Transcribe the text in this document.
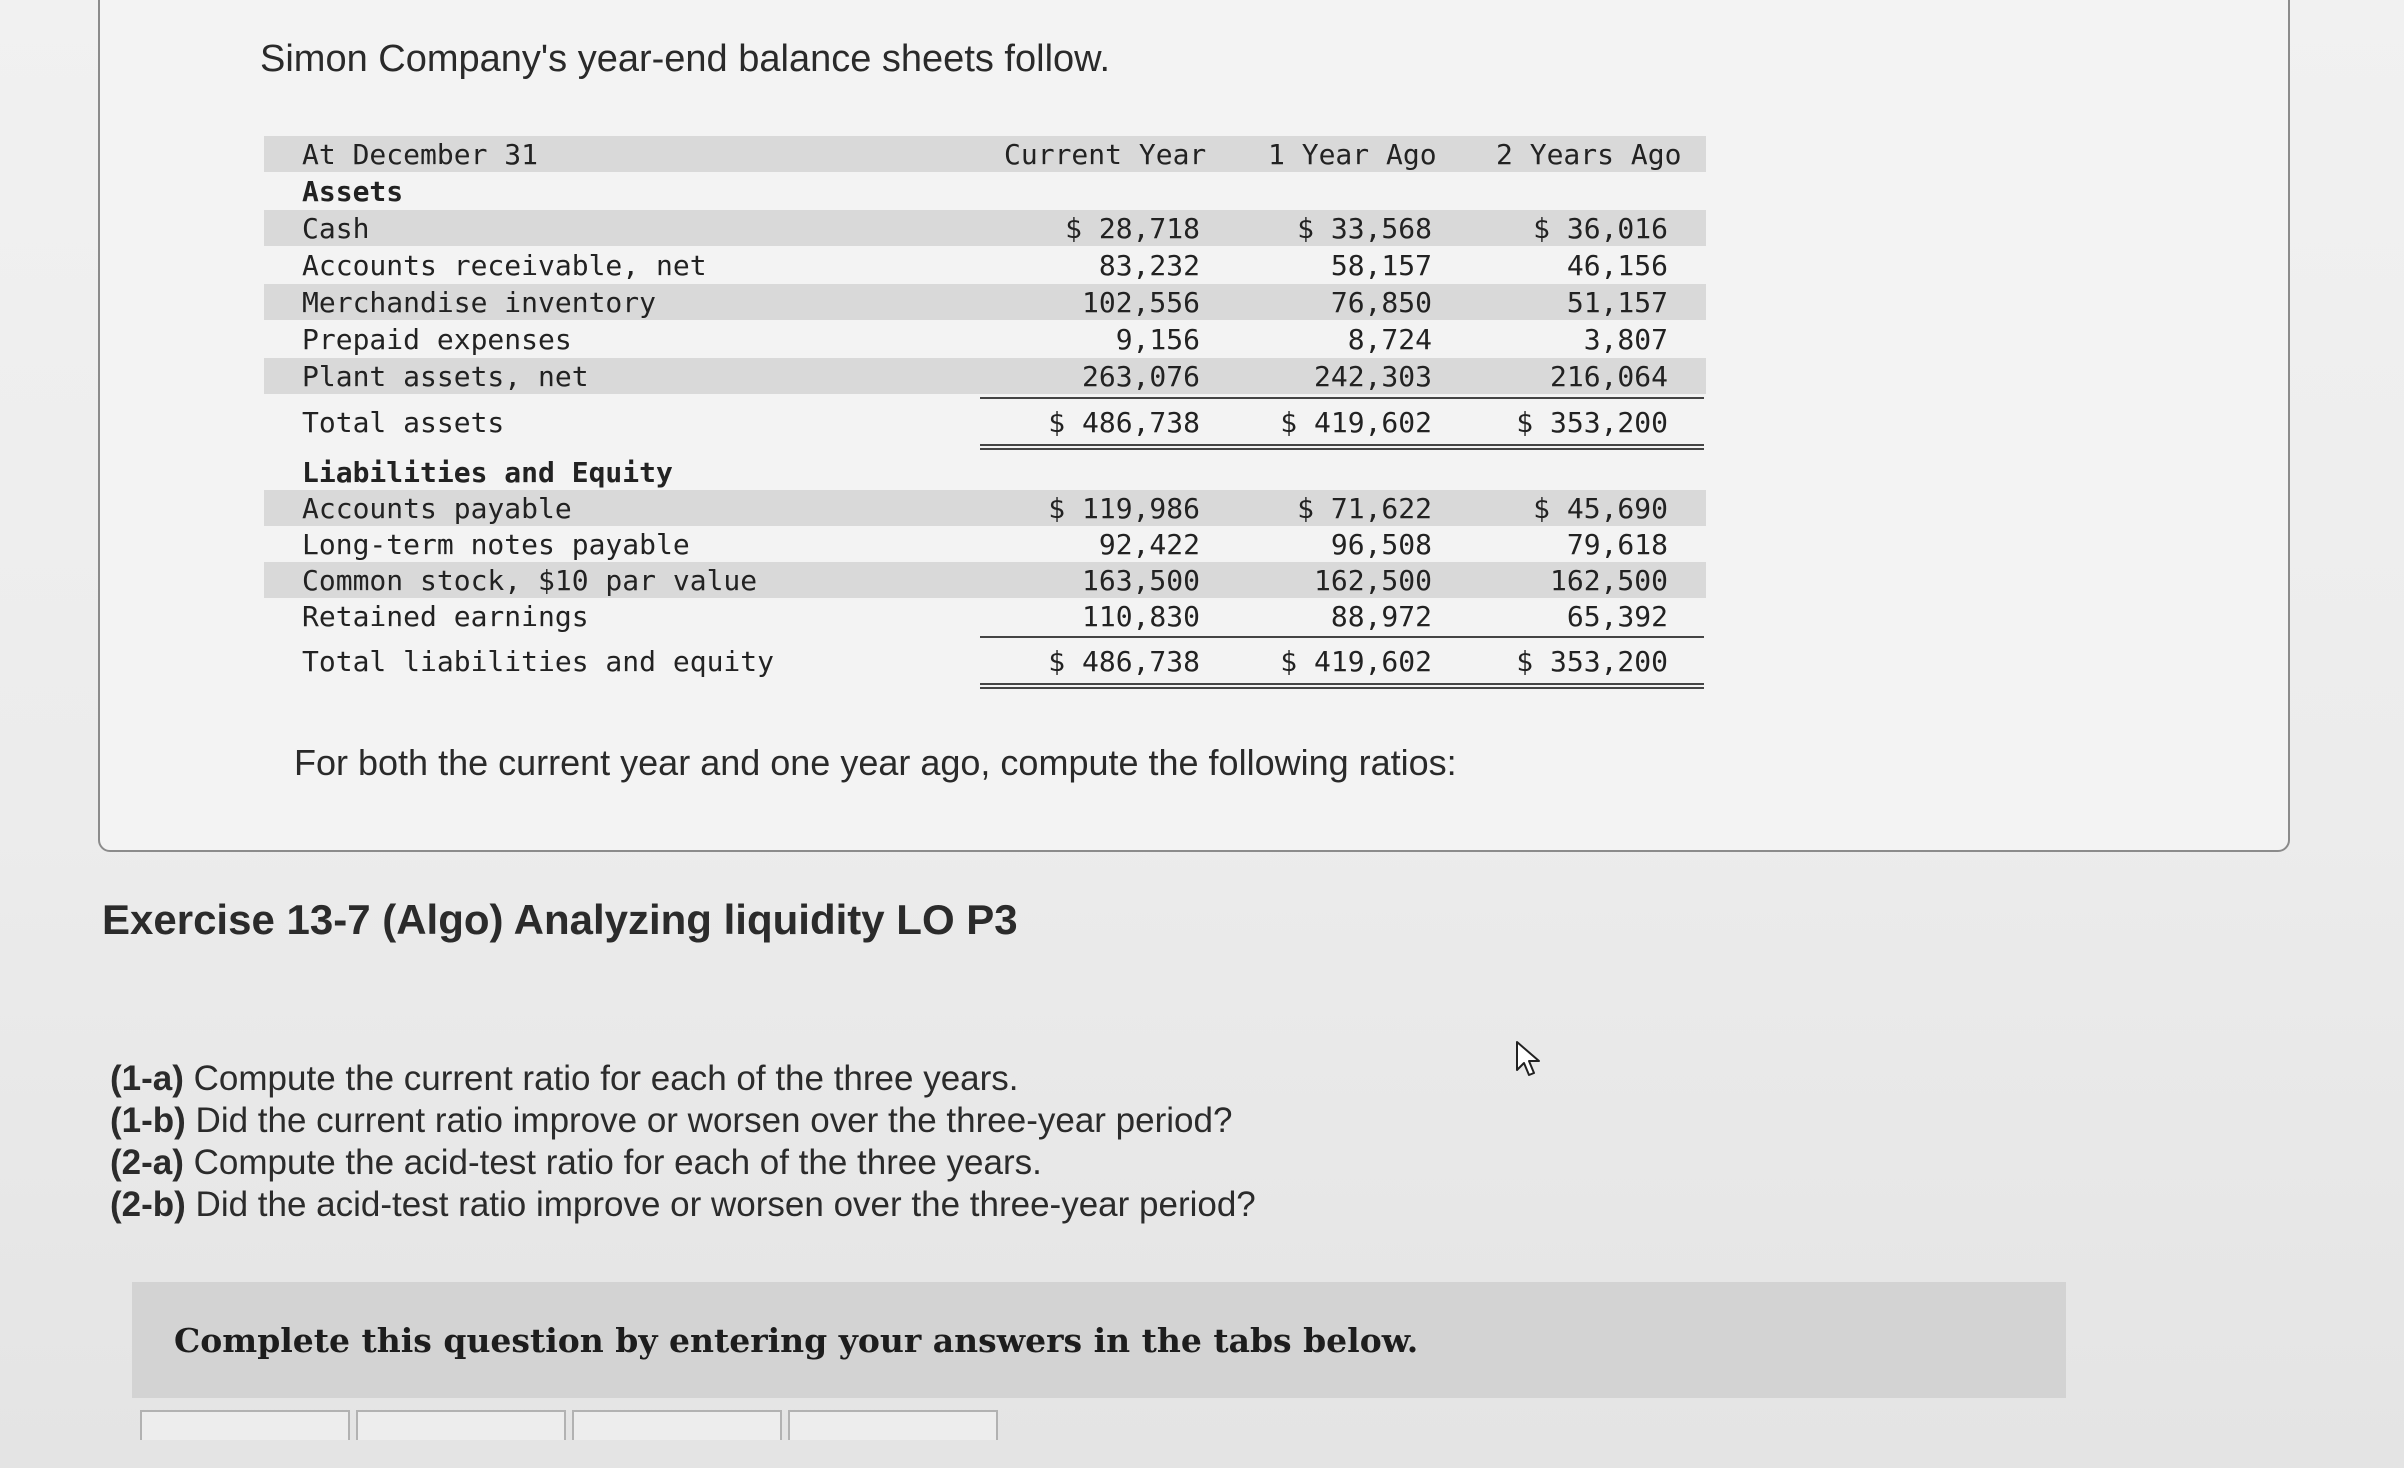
Simon Company's year-end balance sheets follow.
At December 31	Current Year 1 Year Ago 2 Years Ago
Assets
Cash	$ 28,718	$ 33,568	$ 36,016
Accounts receivable, net	83,232	58,157	46,156
Merchandise inventory	102,556	76,850	51,157
Prepaid expenses	9,156	8,724	3,807
Plant assets, net	263,076	242,303	216,064
Total assets	$ 486,738	$ 419,602	$ 353,200
Liabilities and Equity
Accounts payable	$ 119,986	$ 71,622	$ 45,690
Long-term notes payable	92,422	96,508	79,618
Common stock, $10 par value	163,500	162,500	162,500
Retained earnings	110,830	88,972	65,392
Total liabilities and equity	$ 486,738	$ 419,602	$ 353,200
For both the current year and one year ago, compute the following ratios:
Exercise 13-7 (Algo) Analyzing liquidity LO P3
(1-a) Compute the current ratio for each of the three years.
(1-b) Did the current ratio improve or worsen over the three-year period?
(2-a) Compute the acid-test ratio for each of the three years.
(2-b) Did the acid-test ratio improve or worsen over the three-year period?
Complete this question by entering your answers in the tabs below.
